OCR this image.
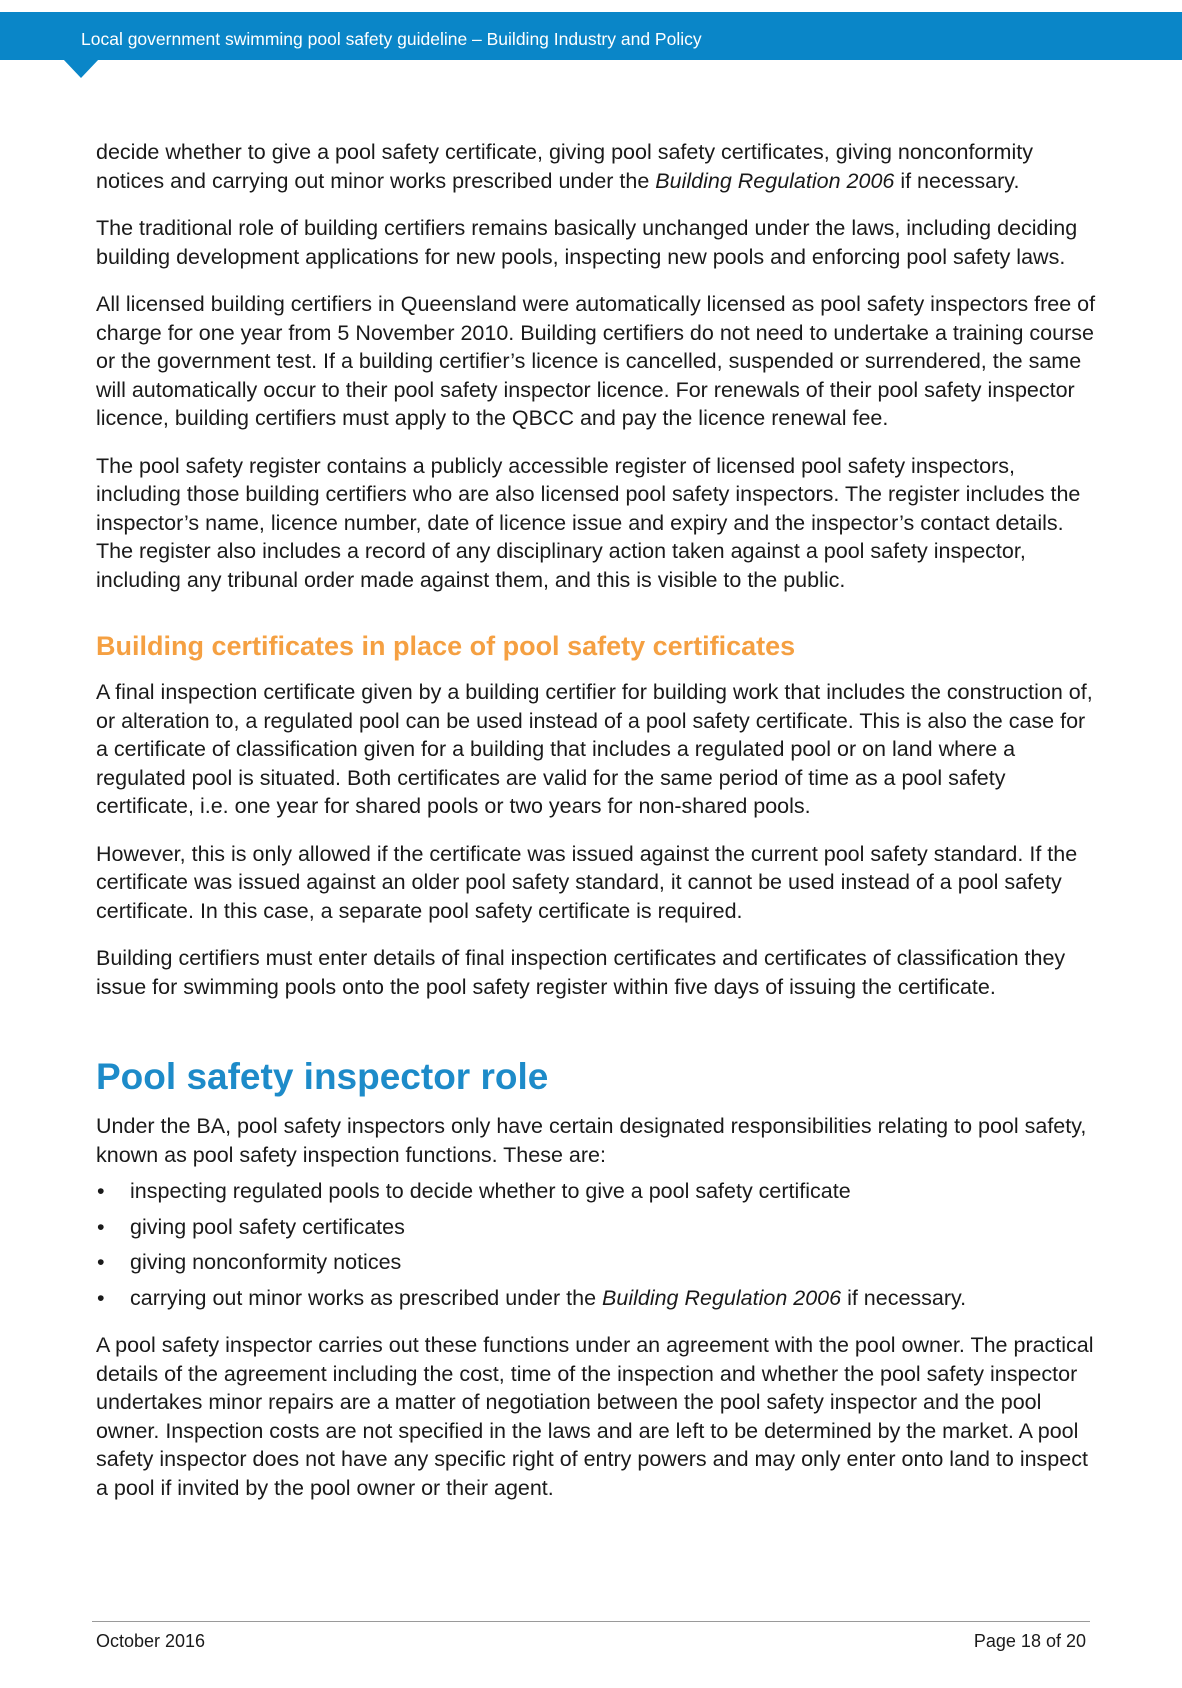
Local government swimming pool safety guideline – Building Industry and Policy

decide whether to give a pool safety certificate, giving pool safety certificates, giving nonconformity notices and carrying out minor works prescribed under the Building Regulation 2006 if necessary.

The traditional role of building certifiers remains basically unchanged under the laws, including deciding building development applications for new pools, inspecting new pools and enforcing pool safety laws.

All licensed building certifiers in Queensland were automatically licensed as pool safety inspectors free of charge for one year from 5 November 2010. Building certifiers do not need to undertake a training course or the government test. If a building certifier’s licence is cancelled, suspended or surrendered, the same will automatically occur to their pool safety inspector licence. For renewals of their pool safety inspector licence, building certifiers must apply to the QBCC and pay the licence renewal fee.

The pool safety register contains a publicly accessible register of licensed pool safety inspectors, including those building certifiers who are also licensed pool safety inspectors. The register includes the inspector’s name, licence number, date of licence issue and expiry and the inspector’s contact details. The register also includes a record of any disciplinary action taken against a pool safety inspector, including any tribunal order made against them, and this is visible to the public.

Building certificates in place of pool safety certificates

A final inspection certificate given by a building certifier for building work that includes the construction of, or alteration to, a regulated pool can be used instead of a pool safety certificate. This is also the case for a certificate of classification given for a building that includes a regulated pool or on land where a regulated pool is situated. Both certificates are valid for the same period of time as a pool safety certificate, i.e. one year for shared pools or two years for non-shared pools.

However, this is only allowed if the certificate was issued against the current pool safety standard. If the certificate was issued against an older pool safety standard, it cannot be used instead of a pool safety certificate. In this case, a separate pool safety certificate is required.

Building certifiers must enter details of final inspection certificates and certificates of classification they issue for swimming pools onto the pool safety register within five days of issuing the certificate.

Pool safety inspector role

Under the BA, pool safety inspectors only have certain designated responsibilities relating to pool safety, known as pool safety inspection functions. These are:

• inspecting regulated pools to decide whether to give a pool safety certificate
• giving pool safety certificates
• giving nonconformity notices
• carrying out minor works as prescribed under the Building Regulation 2006 if necessary.

A pool safety inspector carries out these functions under an agreement with the pool owner. The practical details of the agreement including the cost, time of the inspection and whether the pool safety inspector undertakes minor repairs are a matter of negotiation between the pool safety inspector and the pool owner. Inspection costs are not specified in the laws and are left to be determined by the market. A pool safety inspector does not have any specific right of entry powers and may only enter onto land to inspect a pool if invited by the pool owner or their agent.

October 2016	Page 18 of 20
